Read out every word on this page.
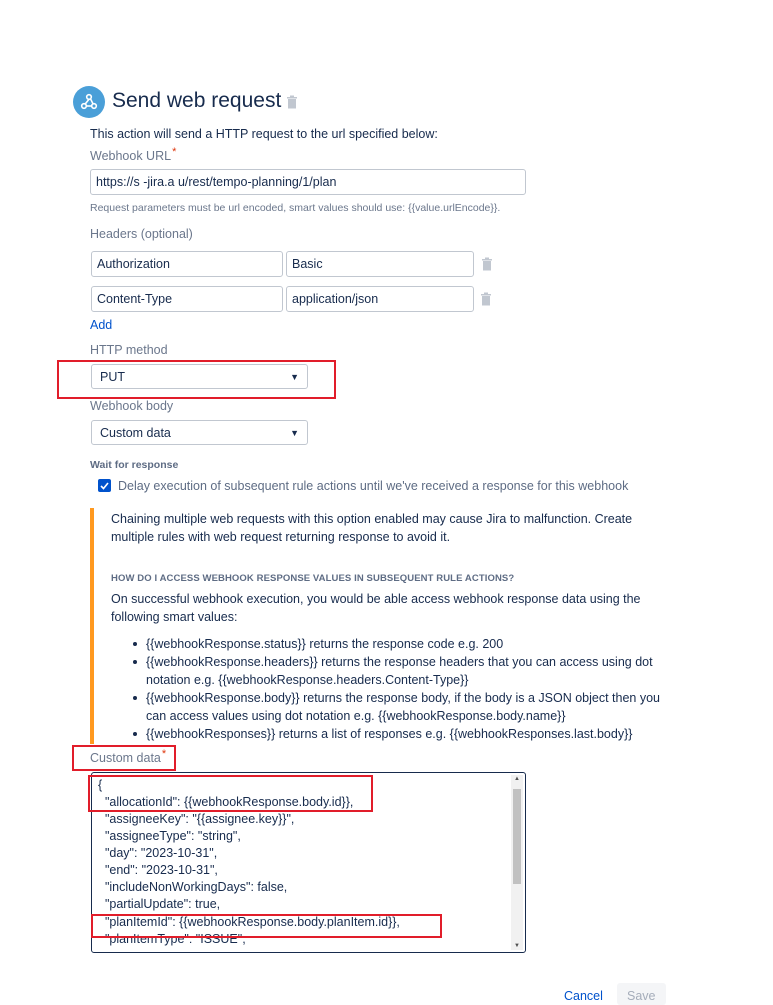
Send web request
This action will send a HTTP request to the url specified below:
Webhook URL*
https://s -jira.a u/rest/tempo-planning/1/plan
Request parameters must be url encoded, smart values should use: {{value.urlEncode}}.
Headers (optional)
Authorization	Basic
Content-Type	application/json
Add
HTTP method
PUT	▼
Webhook body
Custom data	▼
Wait for response
Delay execution of subsequent rule actions until we've received a response for this webhook
Chaining multiple web requests with this option enabled may cause Jira to malfunction. Create multiple rules with web request returning response to avoid it.
HOW DO I ACCESS WEBHOOK RESPONSE VALUES IN SUBSEQUENT RULE ACTIONS?
On successful webhook execution, you would be able access webhook response data using the following smart values:
{{webhookResponse.status}} returns the response code e.g. 200
{{webhookResponse.headers}} returns the response headers that you can access using dot notation e.g. {{webhookResponse.headers.Content-Type}}
{{webhookResponse.body}} returns the response body, if the body is a JSON object then you can access values using dot notation e.g. {{webhookResponse.body.name}}
{{webhookResponses}} returns a list of responses e.g. {{webhookResponses.last.body}}
Custom data*
{
"allocationId": {{webhookResponse.body.id}},
"assigneeKey": "{{assignee.key}}",
"assigneeType": "string",
"day": "2023-10-31",
"end": "2023-10-31",
"includeNonWorkingDays": false,
"partialUpdate": true,
"planItemId": {{webhookResponse.body.planItem.id}},
"planItemType": "ISSUE",
▲
▼
Cancel	Save
